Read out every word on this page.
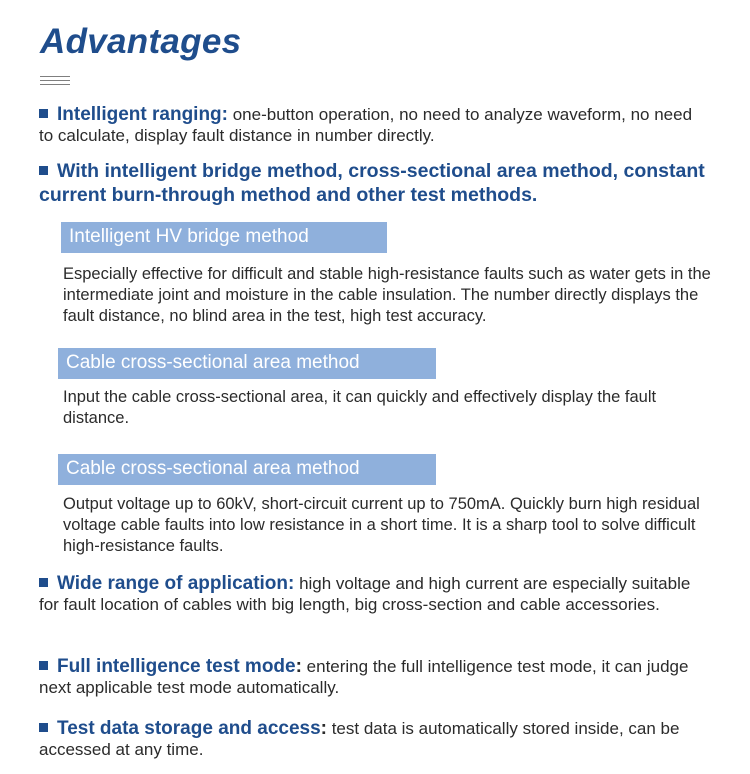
Advantages
Intelligent ranging: one-button operation, no need to analyze waveform, no need to calculate, display fault distance in number directly.
With intelligent bridge method, cross-sectional area method, constant current burn-through method and other test methods.
Intelligent HV bridge method
Especially effective for difficult and stable high-resistance faults such as water gets in the intermediate joint and moisture in the cable insulation. The number directly displays the fault distance, no blind area in the test, high test accuracy.
Cable cross-sectional area method
Input the cable cross-sectional area, it can quickly and effectively display the fault distance.
Cable cross-sectional area method
Output voltage up to 60kV, short-circuit current up to 750mA. Quickly burn high residual voltage cable faults into low resistance in a short time. It is a sharp tool to solve difficult high-resistance faults.
Wide range of application: high voltage and high current are especially suitable for fault location of cables with big length, big cross-section and cable accessories.
Full intelligence test mode: entering the full intelligence test mode, it can judge next applicable test mode automatically.
Test data storage and access: test data is automatically stored inside, can be accessed at any time.
